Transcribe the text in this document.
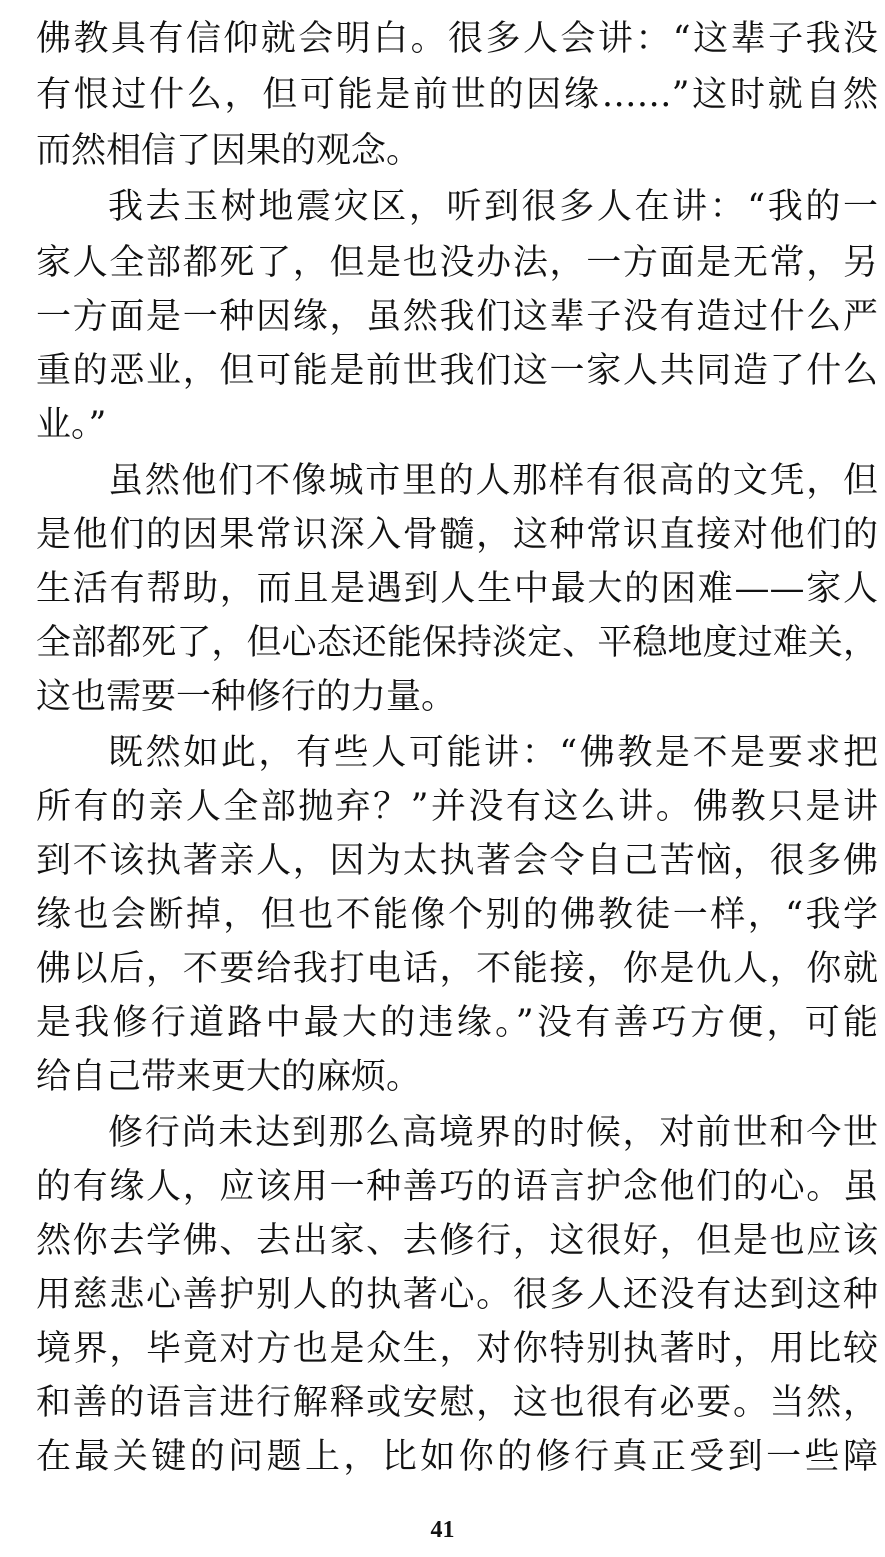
佛教具有信仰就会明白。很多人会讲：“这辈子我没
有恨过什么，但可能是前世的因缘……”这时就自然
而然相信了因果的观念。
我去玉树地震灾区，听到很多人在讲：“我的一
家人全部都死了，但是也没办法，一方面是无常，另
一方面是一种因缘，虽然我们这辈子没有造过什么严
重的恶业，但可能是前世我们这一家人共同造了什么
业。”
虽然他们不像城市里的人那样有很高的文凭，但
是他们的因果常识深入骨髓，这种常识直接对他们的
生活有帮助，而且是遇到人生中最大的困难——家人
全部都死了，但心态还能保持淡定、平稳地度过难关，
这也需要一种修行的力量。
既然如此，有些人可能讲：“佛教是不是要求把
所有的亲人全部抛弃？”并没有这么讲。佛教只是讲
到不该执著亲人，因为太执著会令自己苦恼，很多佛
缘也会断掉，但也不能像个别的佛教徒一样，“我学
佛以后，不要给我打电话，不能接，你是仇人，你就
是我修行道路中最大的违缘。”没有善巧方便，可能
给自己带来更大的麻烦。
修行尚未达到那么高境界的时候，对前世和今世
的有缘人，应该用一种善巧的语言护念他们的心。虽
然你去学佛、去出家、去修行，这很好，但是也应该
用慈悲心善护别人的执著心。很多人还没有达到这种
境界，毕竟对方也是众生，对你特别执著时，用比较
和善的语言进行解释或安慰，这也很有必要。当然，
在最关键的问题上，比如你的修行真正受到一些障
41
